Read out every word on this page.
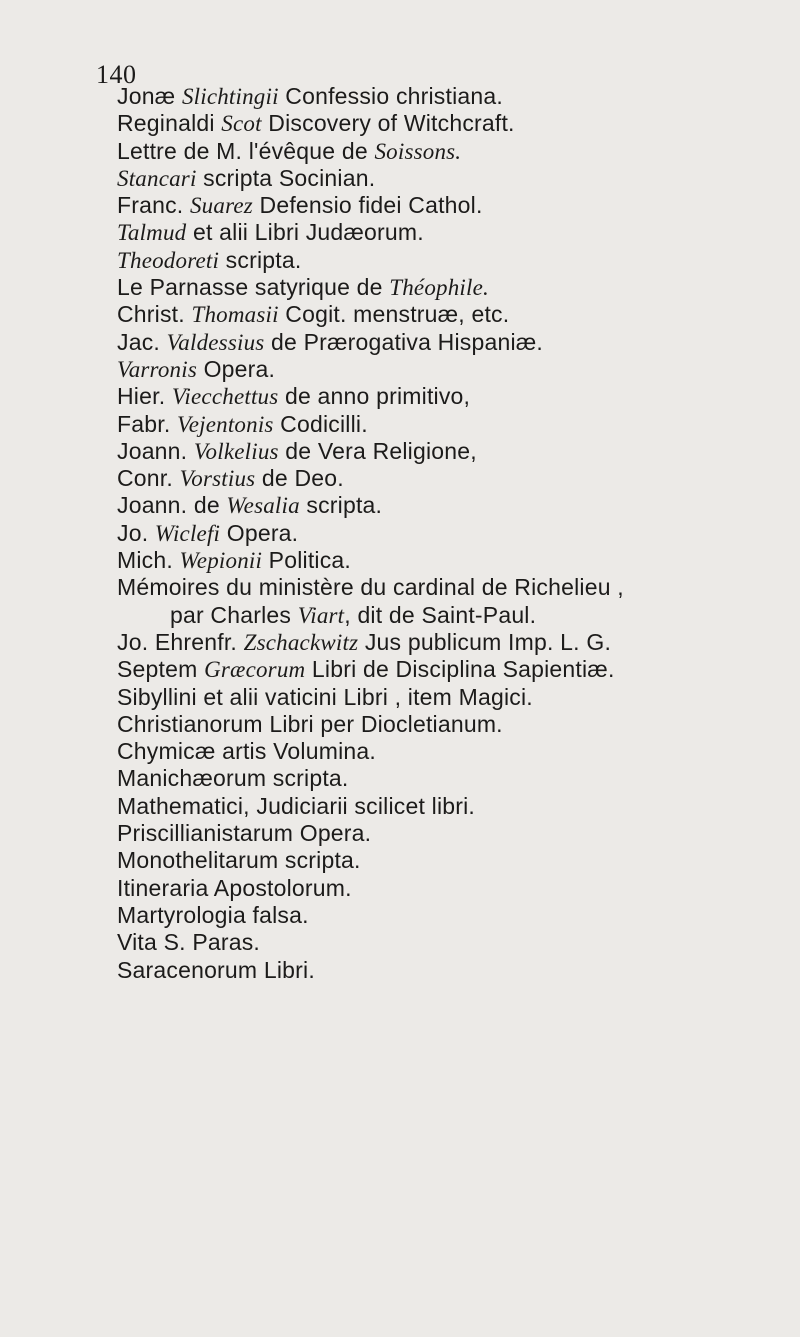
140
Jonæ Slichtingii Confessio christiana.
Reginaldi Scot Discovery of Witchcraft.
Lettre de M. l'évêque de Soissons.
Stancari scripta Socinian.
Franc. Suarez Defensio fidei Cathol.
Talmud et alii Libri Judæorum.
Theodoreti scripta.
Le Parnasse satyrique de Théophile.
Christ. Thomasii Cogit. menstruæ, etc.
Jac. Valdessius de Prærogativa Hispaniæ.
Varronis Opera.
Hier. Viecchettus de anno primitivo,
Fabr. Vejentonis Codicilli.
Joann. Volkelius de Vera Religione,
Conr. Vorstius de Deo.
Joann. de Wesalia scripta.
Jo. Wiclefi Opera.
Mich. Wepionii Politica.
Mémoires du ministère du cardinal de Richelieu ,
par Charles Viart, dit de Saint-Paul.
Jo. Ehrenfr. Zschackwitz Jus publicum Imp. L. G.
Septem Græcorum Libri de Disciplina Sapientiæ.
Sibyllini et alii vaticini Libri , item Magici.
Christianorum Libri per Diocletianum.
Chymicæ artis Volumina.
Manichæorum scripta.
Mathematici, Judiciarii scilicet libri.
Priscillianistarum Opera.
Monothelitarum scripta.
Itineraria Apostolorum.
Martyrologia falsa.
Vita S. Paras.
Saracenorum Libri.
